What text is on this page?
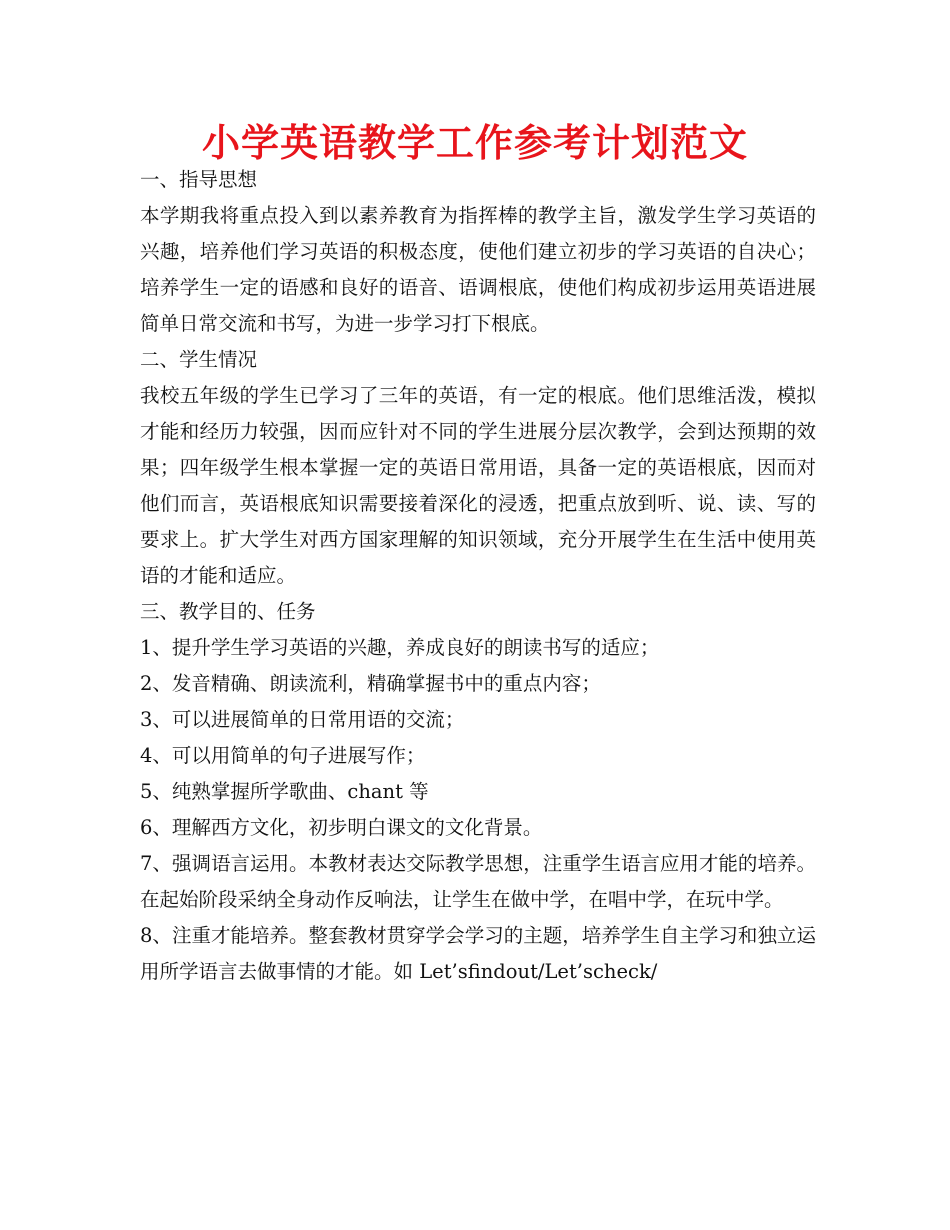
小学英语教学工作参考计划范文

一、指导思想

本学期我将重点投入到以素养教育为指挥棒的教学主旨，激发学生学习英语的兴趣，培养他们学习英语的积极态度，使他们建立初步的学习英语的自决心；培养学生一定的语感和良好的语音、语调根底，使他们构成初步运用英语进展简单日常交流和书写，为进一步学习打下根底。

二、学生情况

我校五年级的学生已学习了三年的英语，有一定的根底。他们思维活泼，模拟才能和经历力较强，因而应针对不同的学生进展分层次教学，会到达预期的效果；四年级学生根本掌握一定的英语日常用语，具备一定的英语根底，因而对他们而言，英语根底知识需要接着深化的浸透，把重点放到听、说、读、写的要求上。扩大学生对西方国家理解的知识领域，充分开展学生在生活中使用英语的才能和适应。

三、教学目的、任务

1、提升学生学习英语的兴趣，养成良好的朗读书写的适应；

2、发音精确、朗读流利，精确掌握书中的重点内容；

3、可以进展简单的日常用语的交流；

4、可以用简单的句子进展写作；

5、纯熟掌握所学歌曲、chant 等

6、理解西方文化，初步明白课文的文化背景。

7、强调语言运用。本教材表达交际教学思想，注重学生语言应用才能的培养。在起始阶段采纳全身动作反响法，让学生在做中学，在唱中学，在玩中学。

8、注重才能培养。整套教材贯穿学会学习的主题，培养学生自主学习和独立运用所学语言去做事情的才能。如 Let’sfindout/Let’scheck/
